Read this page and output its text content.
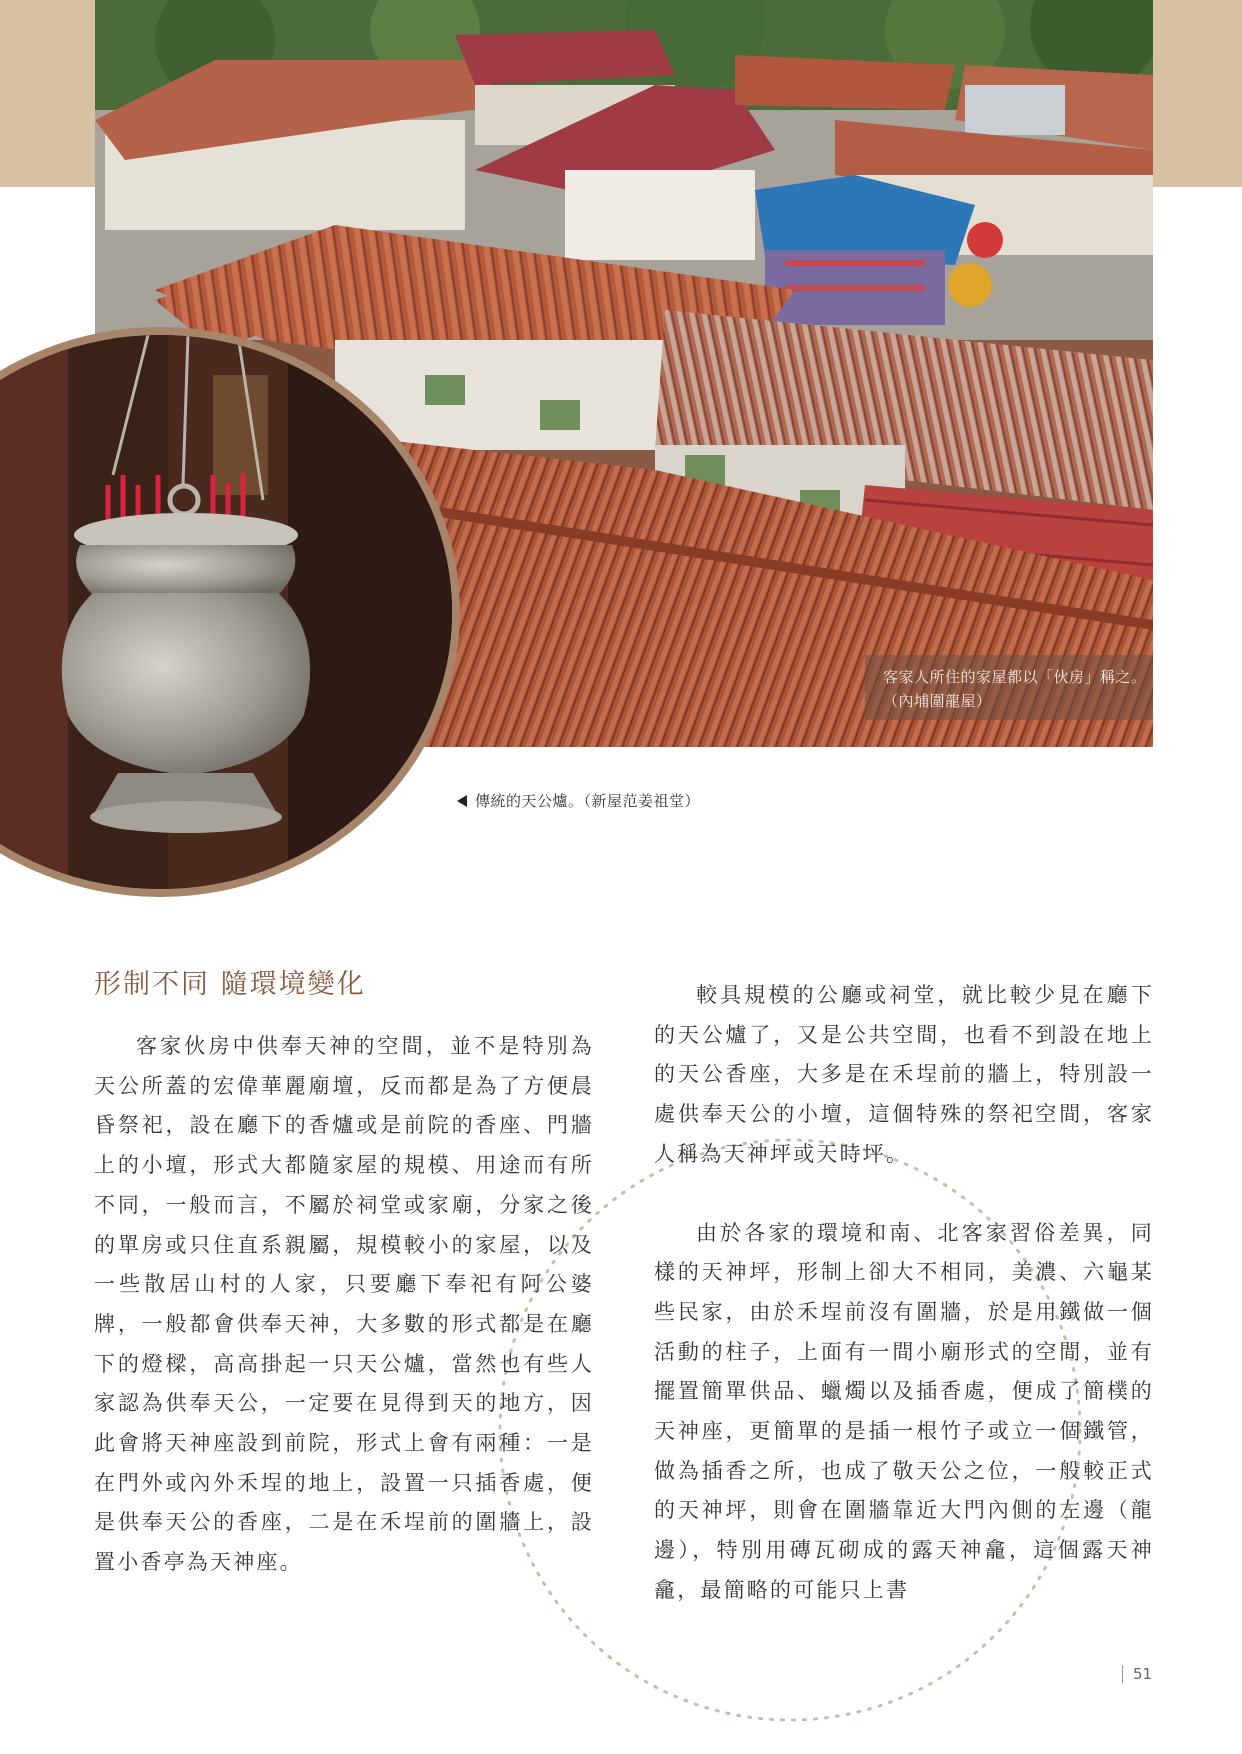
客家人所住的家屋都以「伙房」稱之。
（內埔圍龍屋）
傳統的天公爐。（新屋范姜祖堂）
形制不同 隨環境變化

客家伙房中供奉天神的空間，並不是特別為天公所蓋的宏偉華麗廟壇，反而都是為了方便晨昏祭祀，設在廳下的香爐或是前院的香座、門牆上的小壇，形式大都隨家屋的規模、用途而有所不同，一般而言，不屬於祠堂或家廟，分家之後的單房或只住直系親屬，規模較小的家屋，以及一些散居山村的人家，只要廳下奉祀有阿公婆牌，一般都會供奉天神，大多數的形式都是在廳下的燈樑，高高掛起一只天公爐，當然也有些人家認為供奉天公，一定要在見得到天的地方，因此會將天神座設到前院，形式上會有兩種：一是在門外或內外禾埕的地上，設置一只插香處，便是供奉天公的香座，二是在禾埕前的圍牆上，設置小香亭為天神座。

較具規模的公廳或祠堂，就比較少見在廳下的天公爐了，又是公共空間，也看不到設在地上的天公香座，大多是在禾埕前的牆上，特別設一處供奉天公的小壇，這個特殊的祭祀空間，客家人稱為天神坪或天時坪。

由於各家的環境和南、北客家習俗差異，同樣的天神坪，形制上卻大不相同，美濃、六龜某些民家，由於禾埕前沒有圍牆，於是用鐵做一個活動的柱子，上面有一間小廟形式的空間，並有擺置簡單供品、蠟燭以及插香處，便成了簡樸的天神座，更簡單的是插一根竹子或立一個鐵管，做為插香之所，也成了敬天公之位，一般較正式的天神坪，則會在圍牆靠近大門內側的左邊（龍邊），特別用磚瓦砌成的露天神龕，這個露天神龕，最簡略的可能只上書

51
